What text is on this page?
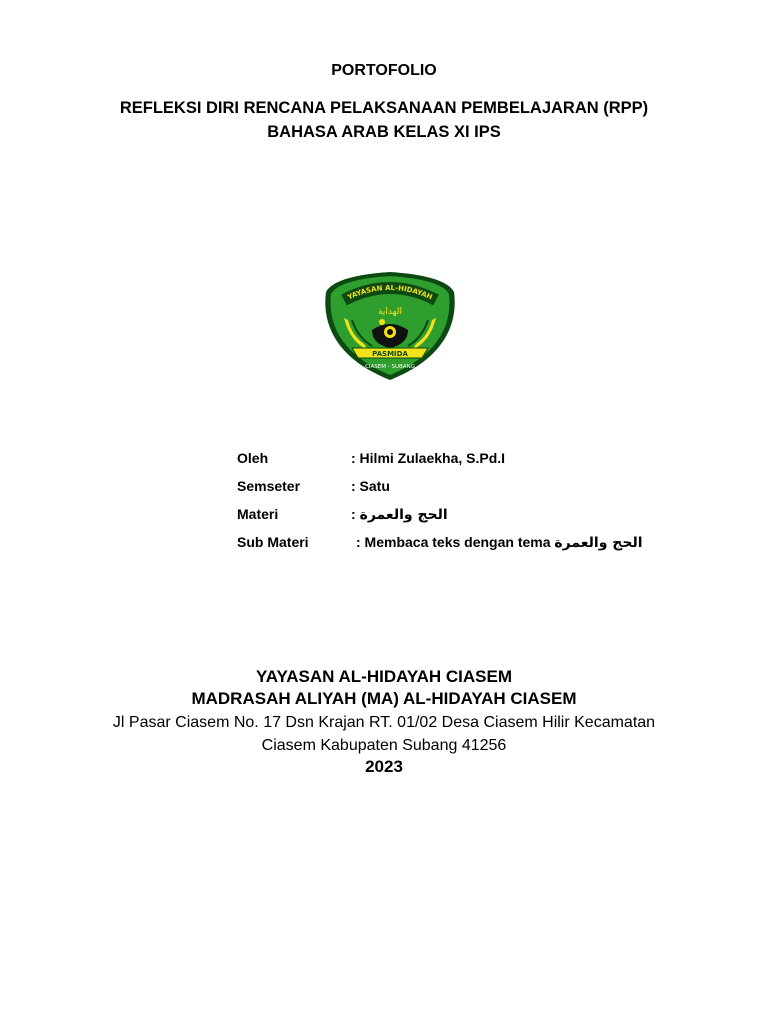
PORTOFOLIO
REFLEKSI DIRI RENCANA PELAKSANAAN PEMBELAJARAN (RPP)
BAHASA ARAB KELAS XI IPS
YAYASAN AL-HIDAYAH
الهداية
PASMIDA
CIASEM - SUBANG
Oleh	: Hilmi Zulaekha, S.Pd.I
Semseter	: Satu
Materi	: الحج والعمرة
Sub Materi	: Membaca teks dengan tema الحج والعمرة
YAYASAN AL-HIDAYAH CIASEM
MADRASAH ALIYAH (MA) AL-HIDAYAH CIASEM
Jl Pasar Ciasem No. 17 Dsn Krajan RT. 01/02 Desa Ciasem Hilir Kecamatan
Ciasem Kabupaten Subang 41256
2023
